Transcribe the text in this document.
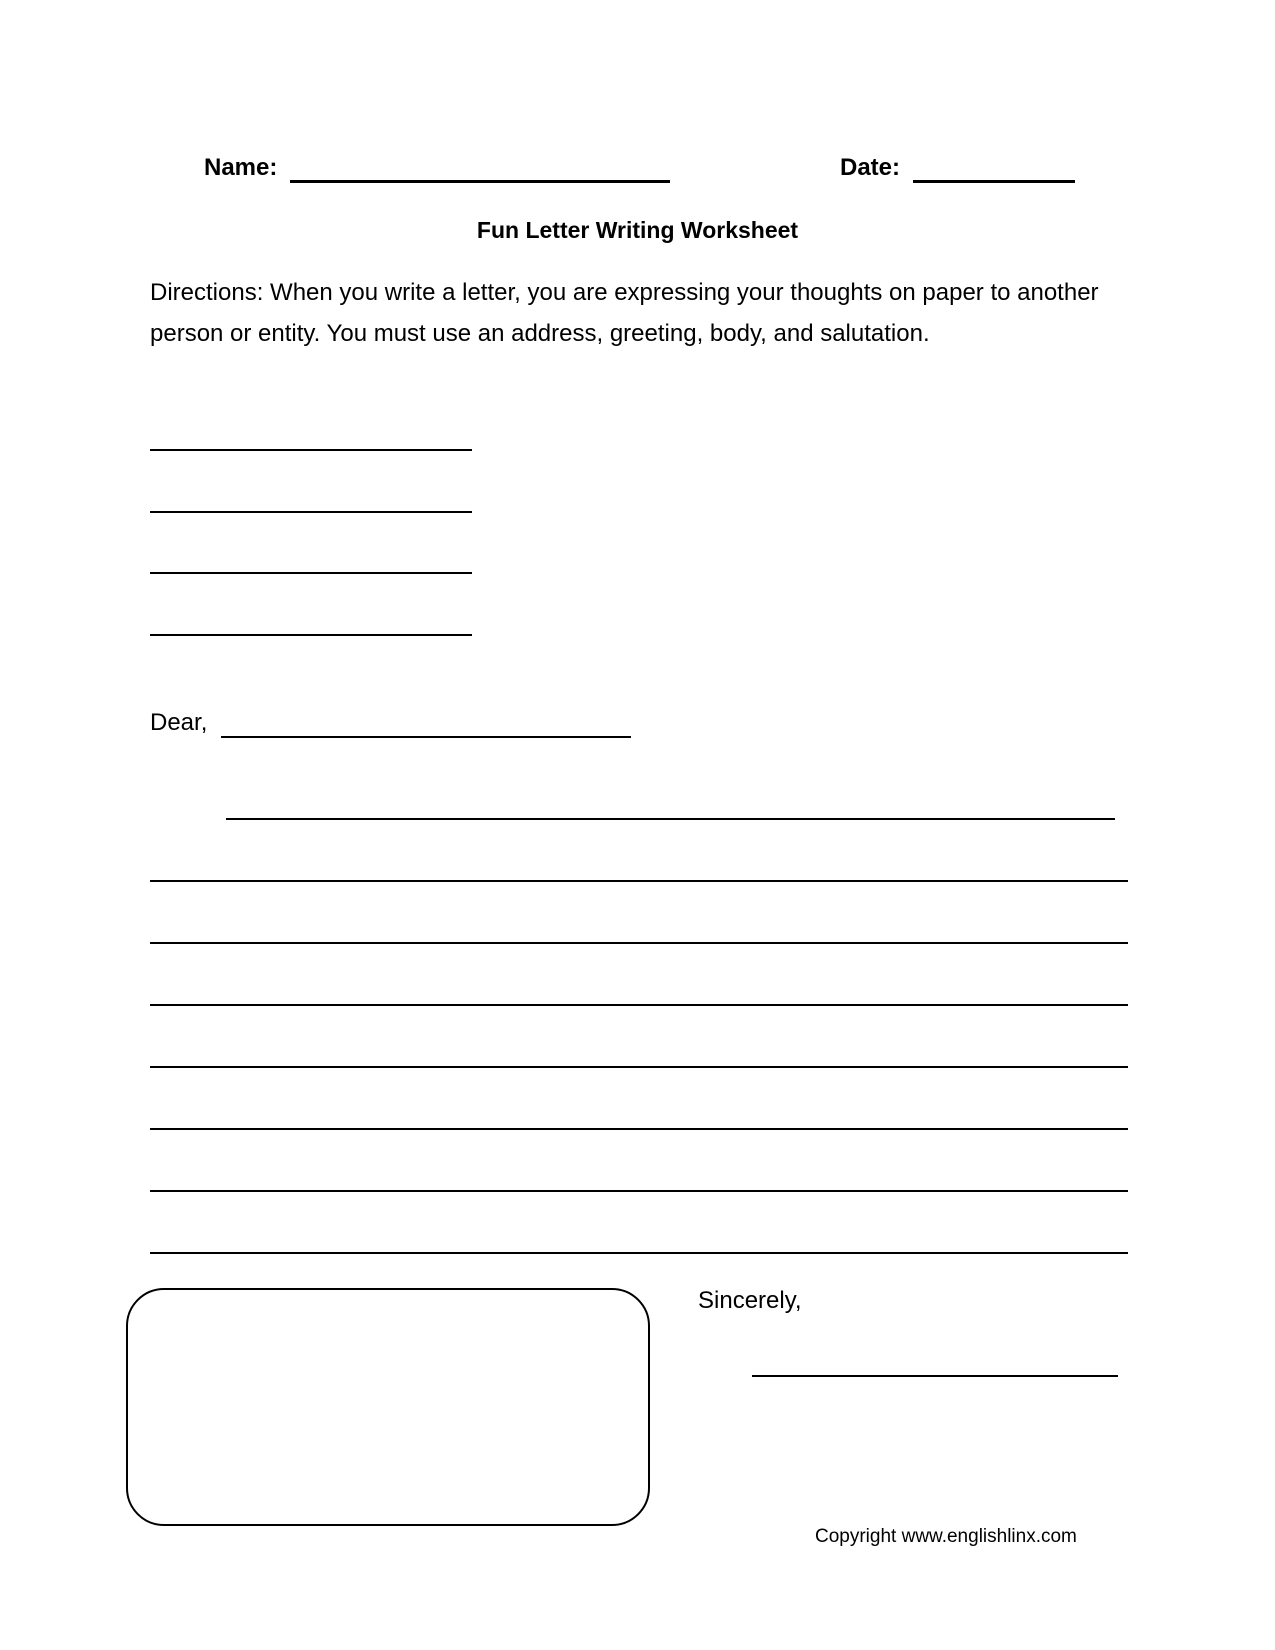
Name:	Date:
Fun Letter Writing Worksheet
Directions: When you write a letter, you are expressing your thoughts on paper to another person or entity. You must use an address, greeting, body, and salutation.
Dear,
Sincerely,
Copyright www.englishlinx.com
